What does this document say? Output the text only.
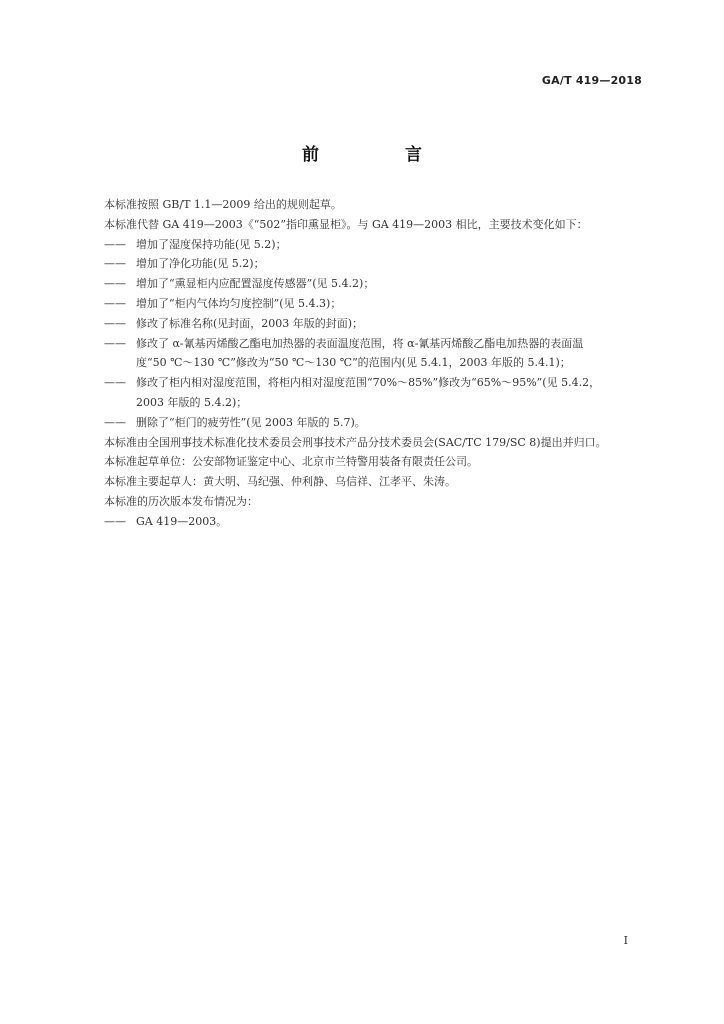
GA/T 419—2018
前 言

本标准按照 GB/T 1.1—2009 给出的规则起草。

本标准代替 GA 419—2003《“502”指印熏显柜》。与 GA 419—2003 相比，主要技术变化如下：

—— 增加了湿度保持功能(见 5.2)；

—— 增加了净化功能(见 5.2)；

—— 增加了“熏显柜内应配置湿度传感器”(见 5.4.2)；

—— 增加了“柜内气体均匀度控制”(见 5.4.3)；

—— 修改了标准名称(见封面，2003 年版的封面)；

—— 修改了 α-氰基丙烯酸乙酯电加热器的表面温度范围，将 α-氰基丙烯酸乙酯电加热器的表面温
度“50 ℃～130 ℃”修改为“50 ℃～130 ℃”的范围内(见 5.4.1，2003 年版的 5.4.1)；

—— 修改了柜内相对湿度范围，将柜内相对湿度范围“70%～85%”修改为“65%～95%”(见 5.4.2，
2003 年版的 5.4.2)；

—— 删除了“柜门的疲劳性”(见 2003 年版的 5.7)。

本标准由全国刑事技术标准化技术委员会刑事技术产品分技术委员会(SAC/TC 179/SC 8)提出并归口。

本标准起草单位：公安部物证鉴定中心、北京市兰特警用装备有限责任公司。

本标准主要起草人：黄大明、马纪强、仲利静、乌信祥、江孝平、朱涛。

本标准的历次版本发布情况为：

—— GA 419—2003。

I
